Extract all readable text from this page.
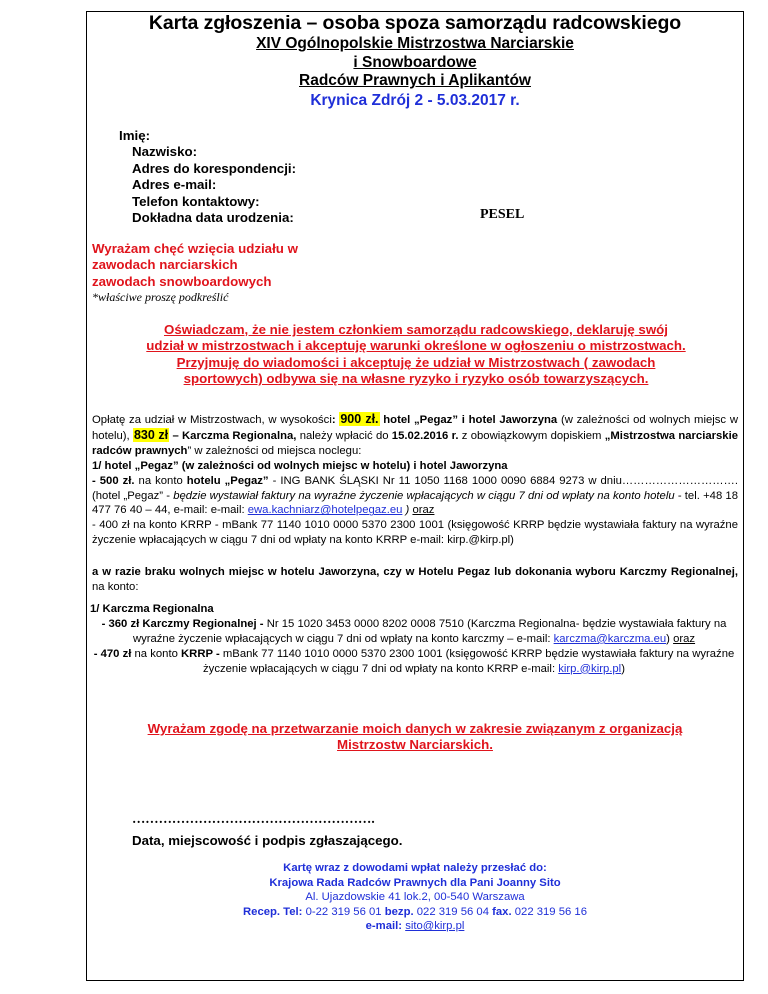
Karta zgłoszenia – osoba spoza samorządu radcowskiego
XIV Ogólnopolskie Mistrzostwa Narciarskie
i Snowboardowe
Radców Prawnych i Aplikantów
Krynica Zdrój 2 - 5.03.2017 r.
Imię:
Nazwisko:
Adres do korespondencji:
Adres e-mail:
Telefon kontaktowy:
Dokładna data urodzenia:	PESEL
Wyrażam chęć wzięcia udziału w
zawodach narciarskich
zawodach snowboardowych
*właściwe proszę podkreślić
Oświadczam, że nie jestem członkiem samorządu radcowskiego, deklaruję swój
udział w mistrzostwach i akceptuję warunki określone w ogłoszeniu o mistrzostwach.
Przyjmuję do wiadomości i akceptuję że udział w Mistrzostwach ( zawodach
sportowych) odbywa się na własne ryzyko i ryzyko osób towarzyszących.

Opłatę za udział w Mistrzostwach, w wysokości: 900 zł. hotel „Pegaz” i hotel Jaworzyna (w zależności od wolnych miejsc w hotelu), 830 zł – Karczma Regionalna, należy wpłacić do 15.02.2016 r. z obowiązkowym dopiskiem „Mistrzostwa narciarskie radców prawnych” w zależności od miejsca noclegu:

1/ hotel „Pegaz” (w zależności od wolnych miejsc w hotelu) i hotel Jaworzyna

- 500 zł. na konto hotelu „Pegaz” - ING BANK ŚLĄSKI Nr 11 1050 1168 1000 0090 6884 9273 w dniu…………………………. (hotel „Pegaz” - będzie wystawiał faktury na wyraźne życzenie wpłacających w ciągu 7 dni od wpłaty na konto hotelu - tel. +48 18 477 76 40 – 44, e-mail: e-mail: ewa.kachniarz@hotelpegaz.eu ) oraz

- 400 zł na konto KRRP - mBank 77 1140 1010 0000 5370 2300 1001 (księgowość KRRP będzie wystawiała faktury na wyraźne życzenie wpłacających w ciągu 7 dni od wpłaty na konto KRRP e-mail: kirp.@kirp.pl)

a w razie braku wolnych miejsc w hotelu Jaworzyna, czy w Hotelu Pegaz lub dokonania wyboru Karczmy Regionalnej, na konto:

1/ Karczma Regionalna

- 360 zł Karczmy Regionalnej - Nr 15 1020 3453 0000 8202 0008 7510 (Karczma Regionalna- będzie wystawiała faktury na wyraźne życzenie wpłacających w ciągu 7 dni od wpłaty na konto karczmy – e-mail: karczma@karczma.eu) oraz

- 470 zł na konto KRRP - mBank 77 1140 1010 0000 5370 2300 1001 (księgowość KRRP będzie wystawiała faktury na wyraźne życzenie wpłacających w ciągu 7 dni od wpłaty na konto KRRP e-mail: kirp.@kirp.pl)

Wyrażam zgodę na przetwarzanie moich danych w zakresie związanym z organizacją
Mistrzostw Narciarskich.
……………………………………………….
Data, miejscowość i podpis zgłaszającego.
Kartę wraz z dowodami wpłat należy przesłać do:
Krajowa Rada Radców Prawnych dla Pani Joanny Sito
Al. Ujazdowskie 41 lok.2, 00-540 Warszawa
Recep. Tel: 0-22 319 56 01 bezp. 022 319 56 04 fax. 022 319 56 16
e-mail: sito@kirp.pl
